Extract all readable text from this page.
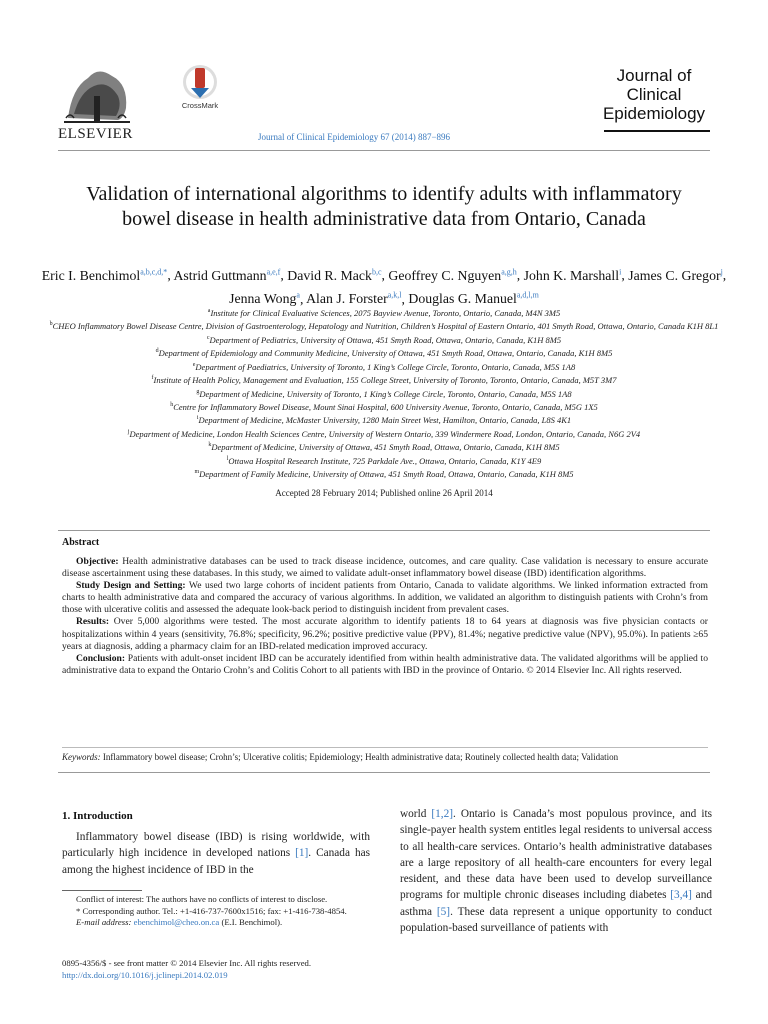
ELSEVIER
CrossMark
Journal of Clinical Epidemiology 67 (2014) 887−896
Journal of
Clinical
Epidemiology
Validation of international algorithms to identify adults with inflammatory bowel disease in health administrative data from Ontario, Canada
Eric I. Benchimol$^{a,b,c,d,*}$, Astrid Guttmann$^{a,e,f}$, David R. Mack$^{b,c}$, Geoffrey C. Nguyen$^{a,g,h}$, John K. Marshall$^i$, James C. Gregor$^j$, Jenna Wong$^a$, Alan J. Forster$^{a,k,l}$, Douglas G. Manuel$^{a,d,l,m}$
$^a$Institute for Clinical Evaluative Sciences, 2075 Bayview Avenue, Toronto, Ontario, Canada, M4N 3M5
$^b$CHEO Inflammatory Bowel Disease Centre, Division of Gastroenterology, Hepatology and Nutrition, Children’s Hospital of Eastern Ontario, 401 Smyth Road, Ottawa, Ontario, Canada K1H 8L1
$^c$Department of Pediatrics, University of Ottawa, 451 Smyth Road, Ottawa, Ontario, Canada, K1H 8M5
$^d$Department of Epidemiology and Community Medicine, University of Ottawa, 451 Smyth Road, Ottawa, Ontario, Canada, K1H 8M5
$^e$Department of Paediatrics, University of Toronto, 1 King’s College Circle, Toronto, Ontario, Canada, M5S 1A8
$^f$Institute of Health Policy, Management and Evaluation, 155 College Street, University of Toronto, Toronto, Ontario, Canada, M5T 3M7
$^g$Department of Medicine, University of Toronto, 1 King’s College Circle, Toronto, Ontario, Canada, M5S 1A8
$^h$Centre for Inflammatory Bowel Disease, Mount Sinai Hospital, 600 University Avenue, Toronto, Ontario, Canada, M5G 1X5
$^i$Department of Medicine, McMaster University, 1280 Main Street West, Hamilton, Ontario, Canada, L8S 4K1
$^j$Department of Medicine, London Health Sciences Centre, University of Western Ontario, 339 Windermere Road, London, Ontario, Canada, N6G 2V4
$^k$Department of Medicine, University of Ottawa, 451 Smyth Road, Ottawa, Ontario, Canada, K1H 8M5
$^l$Ottawa Hospital Research Institute, 725 Parkdale Ave., Ottawa, Ontario, Canada, K1Y 4E9
$^m$Department of Family Medicine, University of Ottawa, 451 Smyth Road, Ottawa, Ontario, Canada, K1H 8M5
Accepted 28 February 2014; Published online 26 April 2014
Abstract

Objective: Health administrative databases can be used to track disease incidence, outcomes, and care quality. Case validation is necessary to ensure accurate disease ascertainment using these databases. In this study, we aimed to validate adult-onset inflammatory bowel disease (IBD) identification algorithms.

Study Design and Setting: We used two large cohorts of incident patients from Ontario, Canada to validate algorithms. We linked information extracted from charts to health administrative data and compared the accuracy of various algorithms. In addition, we validated an algorithm to distinguish patients with Crohn’s from those with ulcerative colitis and assessed the adequate look-back period to distinguish incident from prevalent cases.

Results: Over 5,000 algorithms were tested. The most accurate algorithm to identify patients 18 to 64 years at diagnosis was five physician contacts or hospitalizations within 4 years (sensitivity, 76.8%; specificity, 96.2%; positive predictive value (PPV), 81.4%; negative predictive value (NPV), 95.0%). In patients ≥65 years at diagnosis, adding a pharmacy claim for an IBD-related medication improved accuracy.

Conclusion: Patients with adult-onset incident IBD can be accurately identified from within health administrative data. The validated algorithms will be applied to administrative data to expand the Ontario Crohn’s and Colitis Cohort to all patients with IBD in the province of Ontario. © 2014 Elsevier Inc. All rights reserved.

Keywords: Inflammatory bowel disease; Crohn’s; Ulcerative colitis; Epidemiology; Health administrative data; Routinely collected health data; Validation
1. Introduction
Inflammatory bowel disease (IBD) is rising worldwide, with particularly high incidence in developed nations [1]. Canada has among the highest incidence of IBD in the
world [1,2]. Ontario is Canada’s most populous province, and its single-payer health system entitles legal residents to universal access to all health-care services. Ontario’s health administrative databases are a large repository of all health-care encounters for every legal resident, and these data have been used to develop surveillance programs for multiple chronic diseases including diabetes [3,4] and asthma [5]. These data represent a unique opportunity to conduct population-based surveillance of patients with

Conflict of interest: The authors have no conflicts of interest to disclose.

* Corresponding author. Tel.: +1-416-737-7600x1516; fax: +1-416-738-4854.

E-mail address: ebenchimol@cheo.on.ca (E.I. Benchimol).

0895-4356/$ - see front matter © 2014 Elsevier Inc. All rights reserved.
http://dx.doi.org/10.1016/j.jclinepi.2014.02.019
